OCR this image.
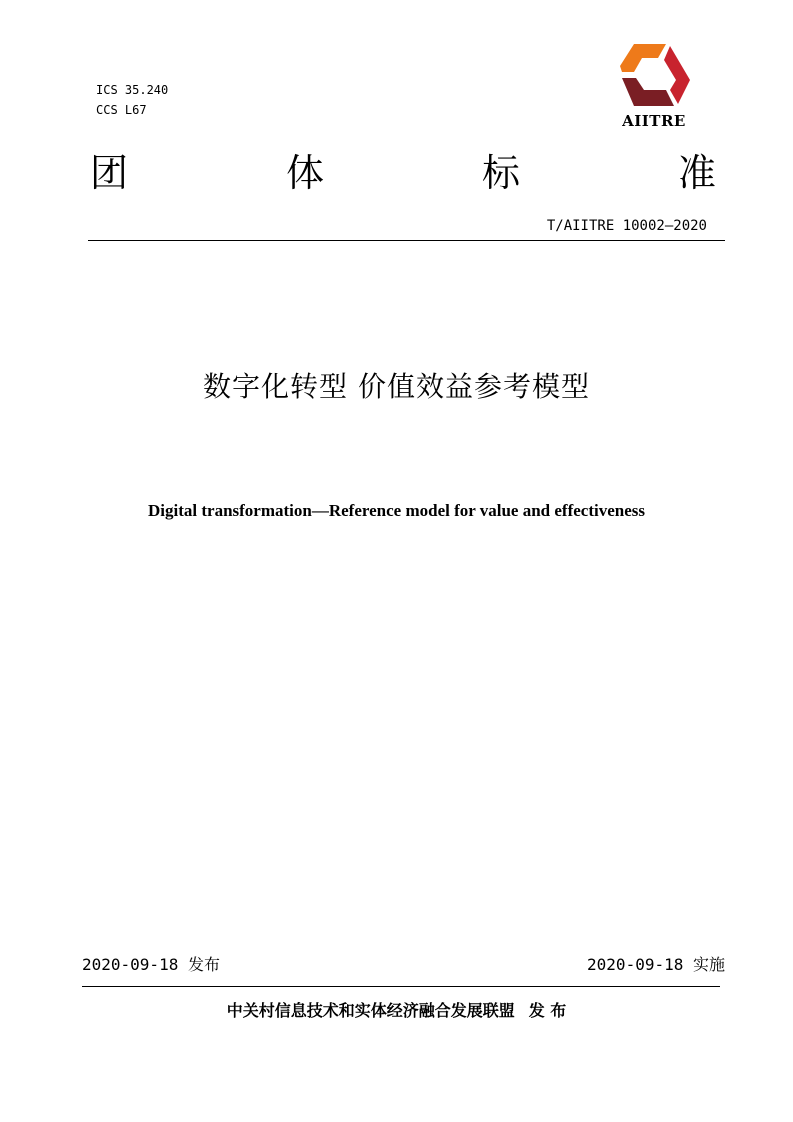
ICS 35.240
CCS L67
AIITRE
团	体	标	准
T/AIITRE 10002—2020
数字化转型 价值效益参考模型
Digital transformation—Reference model for value and effectiveness
2020-09-18 发布	2020-09-18 实施
中关村信息技术和实体经济融合发展联盟 发 布
